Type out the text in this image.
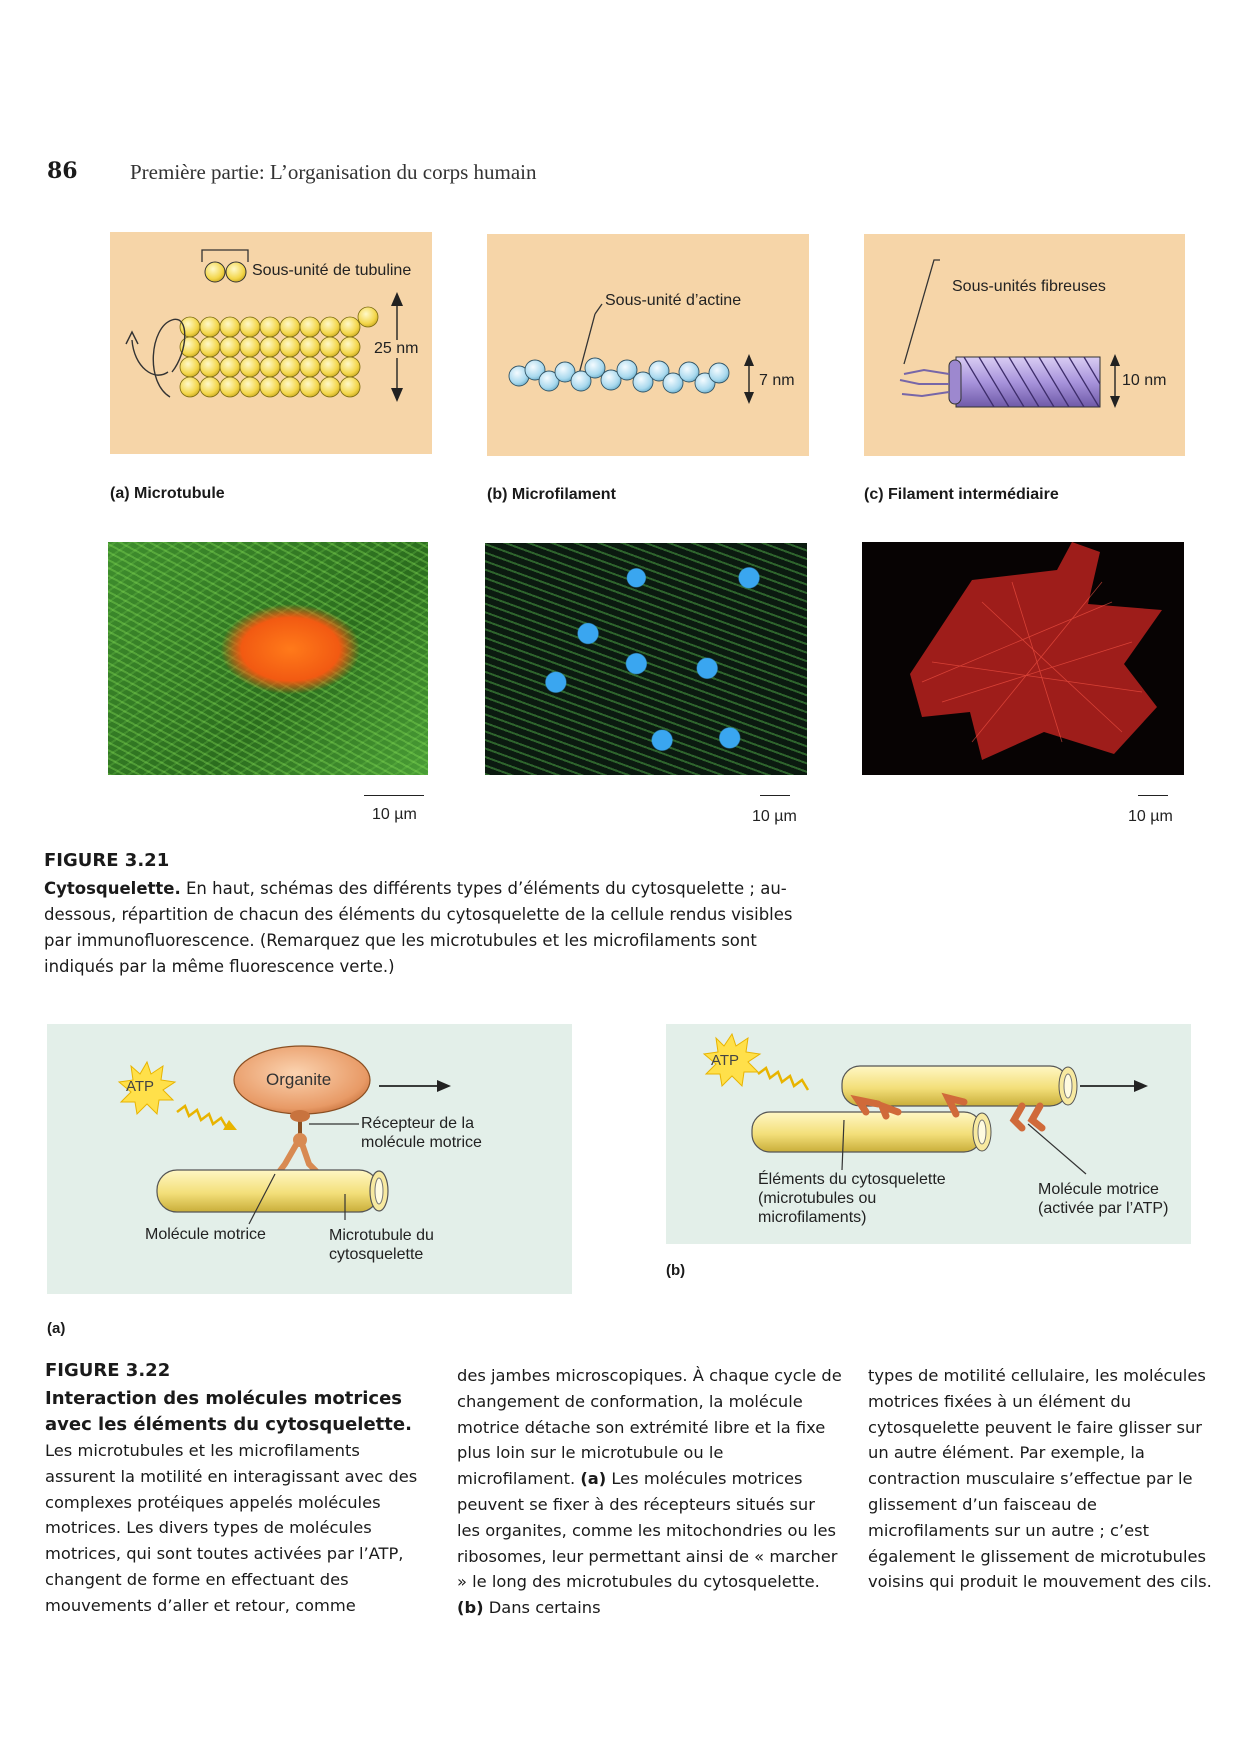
86 Première partie: L’organisation du corps humain
Sous-unité de tubuline
25 nm
(a) Microtubule
Sous-unité d’actine
7 nm
(b) Microfilament
Sous-unités fibreuses
10 nm
(c) Filament intermédiaire
10 µm	10 µm	10 µm
FIGURE 3.21
Cytosquelette. En haut, schémas des différents types d’éléments du cytosquelette ; au-dessous, répartition de chacun des éléments du cytosquelette de la cellule rendus visibles par immunofluorescence. (Remarquez que les microtubules et les microfilaments sont indiqués par la même fluorescence verte.)
ATP	Organite
Récepteur de la molécule motrice
Molécule motrice	Microtubule du cytosquelette
(a)
ATP
Éléments du cytosquelette (microtubules ou microfilaments)
Molécule motrice (activée par l’ATP)
(b)
FIGURE 3.22
Interaction des molécules motrices avec les éléments du cytosquelette.
Les microtubules et les microfilaments assurent la motilité en interagissant avec des complexes protéiques appelés molécules motrices. Les divers types de molécules motrices, qui sont toutes activées par l’ATP, changent de forme en effectuant des mouvements d’aller et retour, comme
des jambes microscopiques. À chaque cycle de changement de conformation, la molécule motrice détache son extrémité libre et la fixe plus loin sur le microtubule ou le microfilament. (a) Les molécules motrices peuvent se fixer à des récepteurs situés sur les organites, comme les mitochondries ou les ribosomes, leur permettant ainsi de « marcher » le long des microtubules du cytosquelette. (b) Dans certains
types de motilité cellulaire, les molécules motrices fixées à un élément du cytosquelette peuvent le faire glisser sur un autre élément. Par exemple, la contraction musculaire s’effectue par le glissement d’un faisceau de microfilaments sur un autre ; c’est également le glissement de microtubules voisins qui produit le mouvement des cils.
